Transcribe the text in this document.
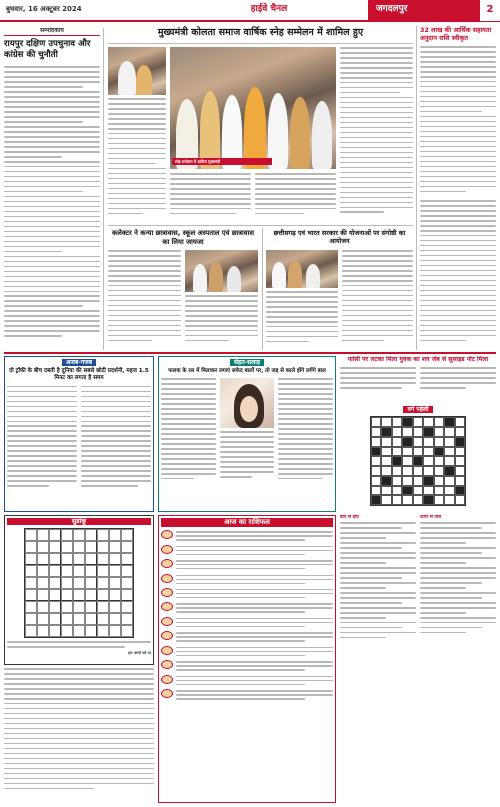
बुधवार, 16 अक्टूबर 2024	हाईवे चैनल	जगदलपुर	2
सम्पादकीय
रायपुर दक्षिण उपचुनाव और कांग्रेस की चुनौती
मुख्यमंत्री कोलता समाज वार्षिक स्नेह सम्मेलन में शामिल हुए
स्नेह सम्मेलन में शामिल मुख्यमंत्री
32 लाख की आर्थिक सहायता अनुदान राशि स्वीकृत
कलेक्टर ने कन्या छात्रावास, स्कूल अस्पताल एवं छात्रावास का लिया जायजा
छत्तीसगढ़ एवं भारत सरकार की योजनाओं पर संगोष्ठी का आयोजन
अजब-गजब
दो ट्रॉफी के बीच दबती है दुनिया की सबसे छोटी प्रदर्शनी, महज 1.5 मिनट का लगता है समय
सेहत-सलाह
पालक के रस में मिलाकर लगाएं सफेद बालों पर, तो जड़ से काले होंगे लगेंगे बाल
फांसी पर लटका मिला युवक का शव जेब से सुसाइड नोट मिला
वर्ग पहेली
सुडोकू
हल अगले पन्ने पर
आज का राशिफल
बाएं से दाएं	ऊपर से नीचे
